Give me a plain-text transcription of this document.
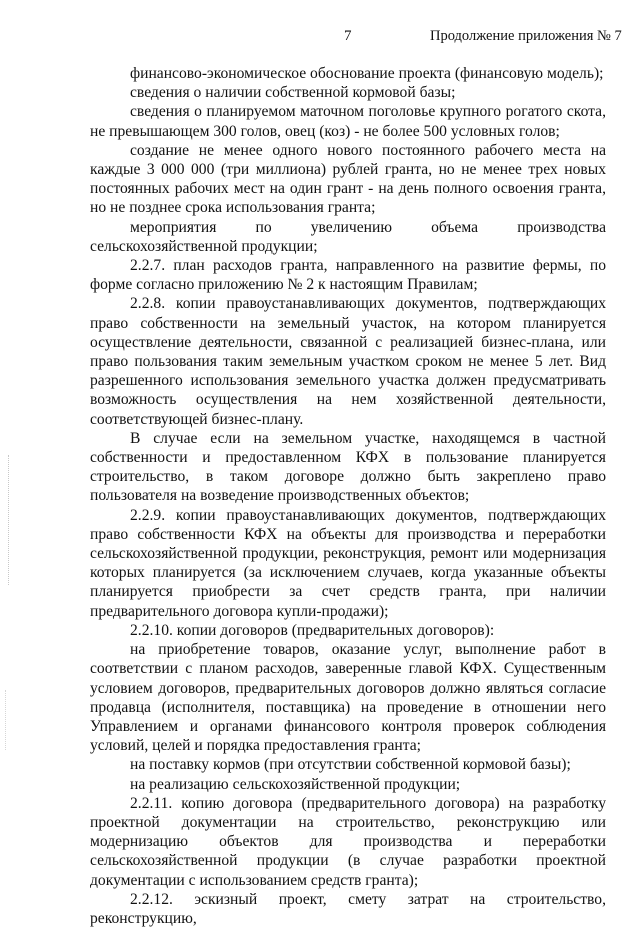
7	Продолжение приложения № 7

финансово-экономическое обоснование проекта (финансовую модель);

сведения о наличии собственной кормовой базы;

сведения о планируемом маточном поголовье крупного рогатого скота, не превышающем 300 голов, овец (коз) - не более 500 условных голов;

создание не менее одного нового постоянного рабочего места на каждые 3 000 000 (три миллиона) рублей гранта, но не менее трех новых постоянных рабочих мест на один грант - на день полного освоения гранта, но не позднее срока использования гранта;

мероприятия по увеличению объема производства сельскохозяйственной продукции;

2.2.7. план расходов гранта, направленного на развитие фермы, по форме согласно приложению № 2 к настоящим Правилам;

2.2.8. копии правоустанавливающих документов, подтверждающих право собственности на земельный участок, на котором планируется осуществление деятельности, связанной с реализацией бизнес-плана, или право пользования таким земельным участком сроком не менее 5 лет. Вид разрешенного использования земельного участка должен предусматривать возможность осуществления на нем хозяйственной деятельности, соответствующей бизнес-плану.

В случае если на земельном участке, находящемся в частной собственности и предоставленном КФХ в пользование планируется строительство, в таком договоре должно быть закреплено право пользователя на возведение производственных объектов;

2.2.9. копии правоустанавливающих документов, подтверждающих право собственности КФХ на объекты для производства и переработки сельскохозяйственной продукции, реконструкция, ремонт или модернизация которых планируется (за исключением случаев, когда указанные объекты планируется приобрести за счет средств гранта, при наличии предварительного договора купли-продажи);

2.2.10. копии договоров (предварительных договоров):

на приобретение товаров, оказание услуг, выполнение работ в соответствии с планом расходов, заверенные главой КФХ. Существенным условием договоров, предварительных договоров должно являться согласие продавца (исполнителя, поставщика) на проведение в отношении него Управлением и органами финансового контроля проверок соблюдения условий, целей и порядка предоставления гранта;

на поставку кормов (при отсутствии собственной кормовой базы);

на реализацию сельскохозяйственной продукции;

2.2.11. копию договора (предварительного договора) на разработку проектной документации на строительство, реконструкцию или модернизацию объектов для производства и переработки сельскохозяйственной продукции (в случае разработки проектной документации с использованием средств гранта);

2.2.12. эскизный проект, смету затрат на строительство, реконструкцию,
